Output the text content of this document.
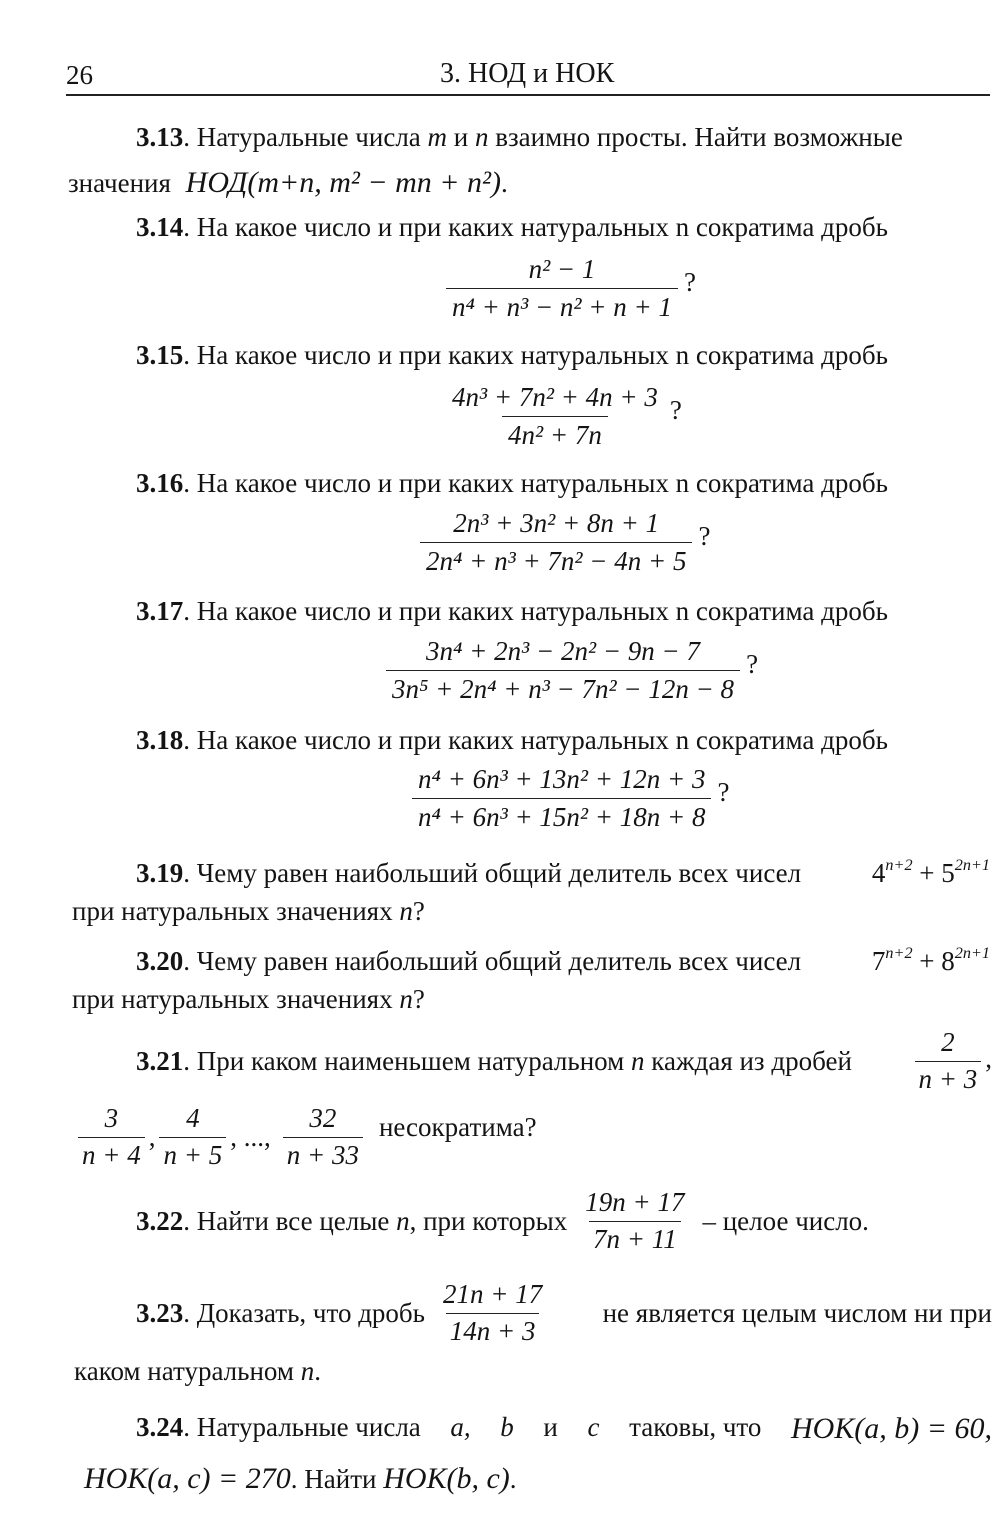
26	3. НОД и НОК
3.13. Натуральные числа m и n взаимно просты. Найти возможные
значения НОД(m+n, m² − mn + n²).
3.14. На какое число и при каких натуральных n сократима дробь
$\frac{\text{n² − 1}}{\text{n⁴ + n³ − n² + n + 1}}$ ?
3.15. На какое число и при каких натуральных n сократима дробь
$\frac{\text{4n³ + 7n² + 4n + 3}}{\text{4n² + 7n}}$ ?
3.16. На какое число и при каких натуральных n сократима дробь
$\frac{\text{2n³ + 3n² + 8n + 1}}{\text{2n⁴ + n³ + 7n² − 4n + 5}}$ ?
3.17. На какое число и при каких натуральных n сократима дробь
$\frac{\text{3n⁴ + 2n³ − 2n² − 9n − 7}}{\text{3n⁵ + 2n⁴ + n³ − 7n² − 12n − 8}}$ ?
3.18. На какое число и при каких натуральных n сократима дробь
$\frac{\text{n⁴ + 6n³ + 13n² + 12n + 3}}{\text{n⁴ + 6n³ + 15n² + 18n + 8}}$ ?
3.19. Чему равен наибольший общий делитель всех чисел	$4^{n+2} + 5^{2n+1}$
при натуральных значениях n?
3.20. Чему равен наибольший общий делитель всех чисел	$7^{n+2} + 8^{2n+1}$
при натуральных значениях n?
3.21. При каком наименьшем натуральном n каждая из дробей $\frac{2}{n + 3}$ ,
$\frac{3}{n + 4}$ , $\frac{4}{n + 5}$ , ..., $\frac{32}{n + 33}$ несократима?
3.22. Найти все целые n, при которых $\frac{19n + 17}{7n + 11}$ – целое число.
3.23 . Доказать, что дробь $\frac{21n + 17}{14n + 3}$ не является целым числом ни при
каком натуральном n.
3.24. Натуральные числа a, b и c таковы, что НОК(a, b) = 60,
НОК(a, c) = 270. Найти НОК(b, c).
